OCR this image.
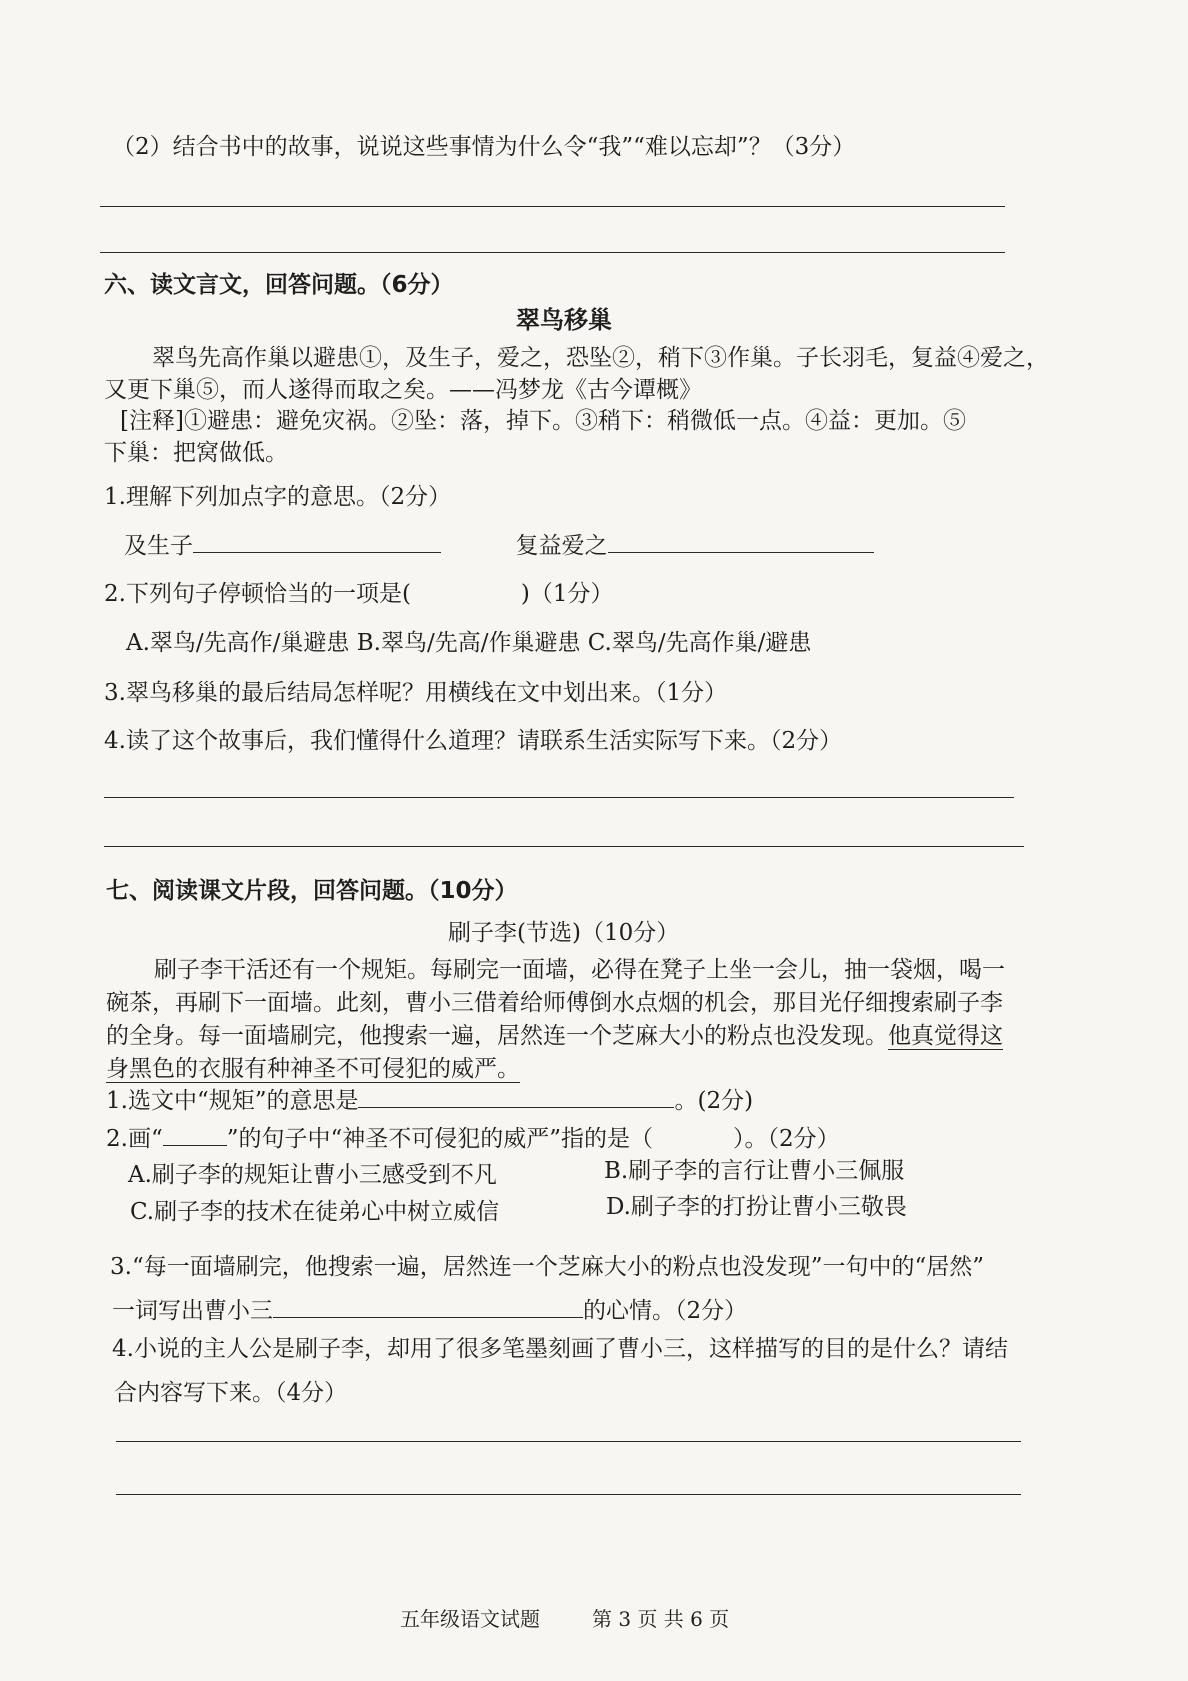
（2）结合书中的故事，说说这些事情为什么令“我”“难以忘却”？（3分）
六、读文言文，回答问题。（6分）
翠鸟移巢
翠鸟先高作巢以避患①，及生子，爱之，恐坠②，稍下③作巢。子长羽毛，复益④爱之，
又更下巢⑤，而人遂得而取之矣。——冯梦龙《古今谭概》
[注释]①避患：避免灾祸。②坠：落，掉下。③稍下：稍微低一点。④益：更加。⑤
下巢：把窝做低。
1.理解下列加点字的意思。（2分）
及生子	复益爱之
2.下列句子停顿恰当的一项是(	)（1分）
A.翠鸟/先高作/巢避患 B.翠鸟/先高/作巢避患 C.翠鸟/先高作巢/避患
3.翠鸟移巢的最后结局怎样呢？用横线在文中划出来。（1分）
4.读了这个故事后，我们懂得什么道理？请联系生活实际写下来。（2分）
七、阅读课文片段，回答问题。（10分）
刷子李(节选)（10分）
刷子李干活还有一个规矩。每刷完一面墙，必得在凳子上坐一会儿，抽一袋烟，喝一
碗茶，再刷下一面墙。此刻，曹小三借着给师傅倒水点烟的机会，那目光仔细搜索刷子李
的全身。每一面墙刷完，他搜索一遍，居然连一个芝麻大小的粉点也没发现。他真觉得这
身黑色的衣服有种神圣不可侵犯的威严。
1.选文中“规矩”的意思是	。(2分)
2.画“	”的句子中“神圣不可侵犯的威严”指的是（	）。（2分）
A.刷子李的规矩让曹小三感受到不凡	B.刷子李的言行让曹小三佩服
C.刷子李的技术在徒弟心中树立威信	D.刷子李的打扮让曹小三敬畏
3.“每一面墙刷完，他搜索一遍，居然连一个芝麻大小的粉点也没发现”一句中的“居然”
一词写出曹小三	的心情。（2分）
4.小说的主人公是刷子李，却用了很多笔墨刻画了曹小三，这样描写的目的是什么？请结
合内容写下来。（4分）
五年级语文试题	第 3 页 共 6 页
